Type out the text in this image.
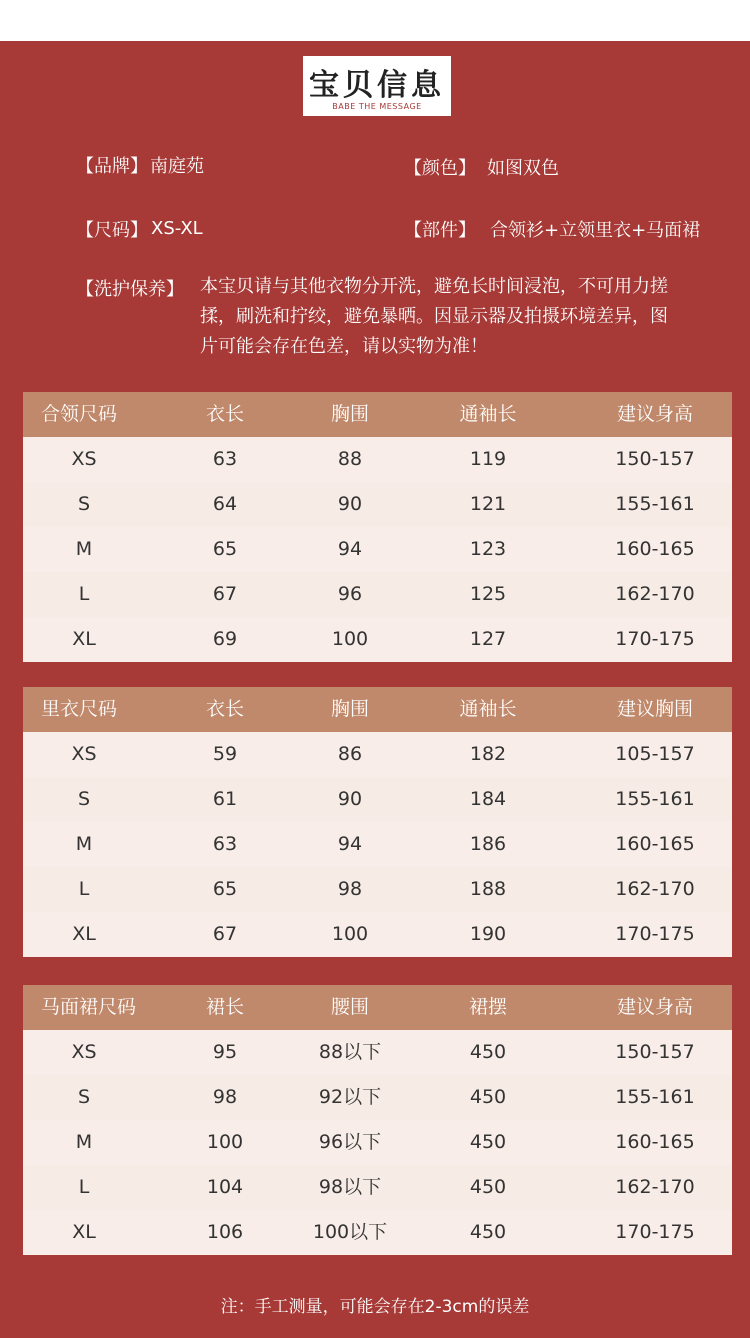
宝贝信息
BABE THE MESSAGE
【品牌】 南庭苑	【颜色】 如图双色
【尺码】 XS-XL	【部件】 合领衫+立领里衣+马面裙
【洗护保养】 本宝贝请与其他衣物分开洗，避免长时间浸泡，不可用力搓揉，刷洗和拧绞，避免暴晒。因显示器及拍摄环境差异，图片可能会存在色差，请以实物为准！
合领尺码	衣长	胸围	通袖长	建议身高
XS	63	88	119	150-157
S	64	90	121	155-161
M	65	94	123	160-165
L	67	96	125	162-170
XL	69	100	127	170-175
里衣尺码	衣长	胸围	通袖长	建议胸围
XS	59	86	182	105-157
S	61	90	184	155-161
M	63	94	186	160-165
L	65	98	188	162-170
XL	67	100	190	170-175
马面裙尺码	裙长	腰围	裙摆	建议身高
XS	95	88以下	450	150-157
S	98	92以下	450	155-161
M	100	96以下	450	160-165
L	104	98以下	450	162-170
XL	106	100以下	450	170-175
注：手工测量，可能会存在2-3cm的误差
